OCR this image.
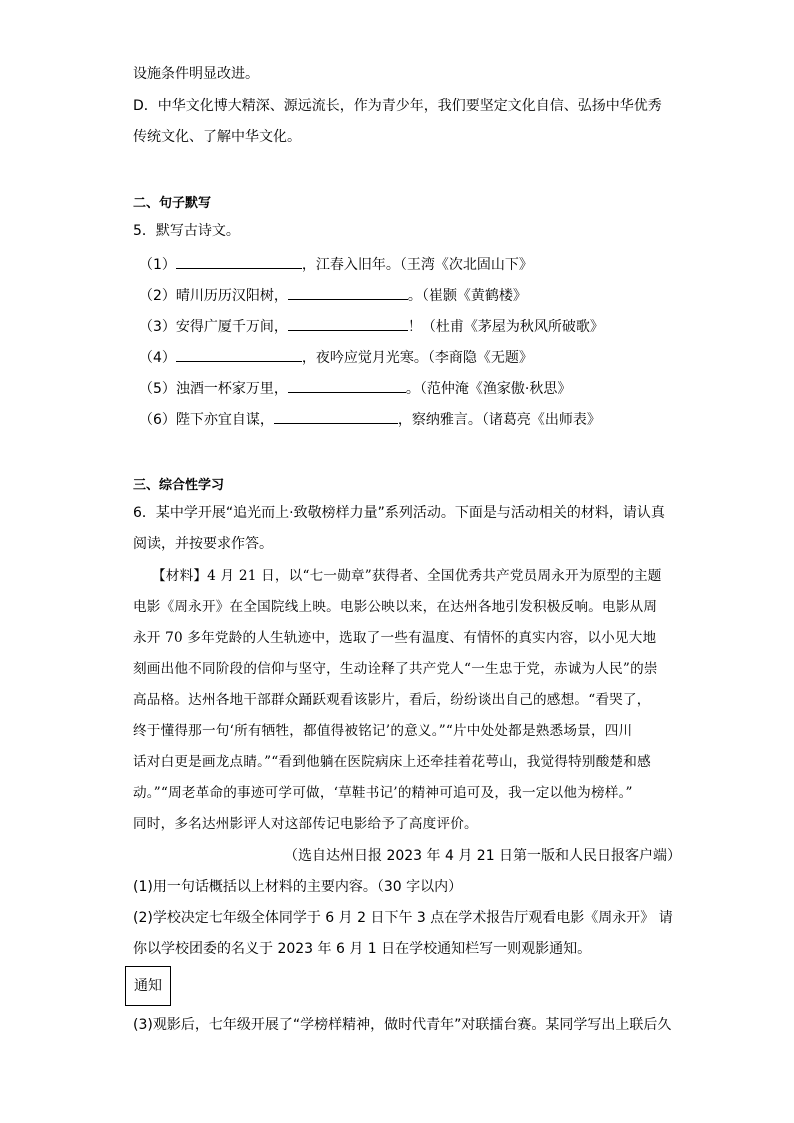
设施条件明显改进。
D．中华文化博大精深、源远流长，作为青少年，我们要坚定文化自信、弘扬中华优秀
传统文化、了解中华文化。
二、句子默写
5．默写古诗文。
（1）	，江春入旧年。（王湾《次北固山下》
（2）晴川历历汉阳树，	。（崔颢《黄鹤楼》
（3）安得广厦千万间，	！（杜甫《茅屋为秋风所破歌》
（4）	，夜吟应觉月光寒。（李商隐《无题》
（5）浊酒一杯家万里，	。（范仲淹《渔家傲·秋思》
（6）陛下亦宜自谋，	，察纳雅言。（诸葛亮《出师表》
三、综合性学习
6．某中学开展“追光而上·致敬榜样力量”系列活动。下面是与活动相关的材料，请认真
阅读，并按要求作答。
【材料】4 月 21 日，以“七一勋章”获得者、全国优秀共产党员周永开为原型的主题
电影《周永开》在全国院线上映。电影公映以来，在达州各地引发积极反响。电影从周
永开 70 多年党龄的人生轨迹中，选取了一些有温度、有情怀的真实内容，以小见大地
刻画出他不同阶段的信仰与坚守，生动诠释了共产党人“一生忠于党，赤诚为人民”的崇
高品格。达州各地干部群众踊跃观看该影片，看后，纷纷谈出自己的感想。“看哭了，
终于懂得那一句‘所有牺牲，都值得被铭记’的意义。”“片中处处都是熟悉场景，四川
话对白更是画龙点睛。”“看到他躺在医院病床上还牵挂着花萼山，我觉得特别酸楚和感
动。”“周老革命的事迹可学可做，‘草鞋书记’的精神可追可及，我一定以他为榜样。”
同时，多名达州影评人对这部传记电影给予了高度评价。
（选自达州日报 2023 年 4 月 21 日第一版和人民日报客户端）
(1)用一句话概括以上材料的主要内容。（30 字以内）
(2)学校决定七年级全体同学于 6 月 2 日下午 3 点在学术报告厅观看电影《周永开》 请
你以学校团委的名义于 2023 年 6 月 1 日在学校通知栏写一则观影通知。
通知
(3)观影后，七年级开展了“学榜样精神，做时代青年”对联擂台赛。某同学写出上联后久
